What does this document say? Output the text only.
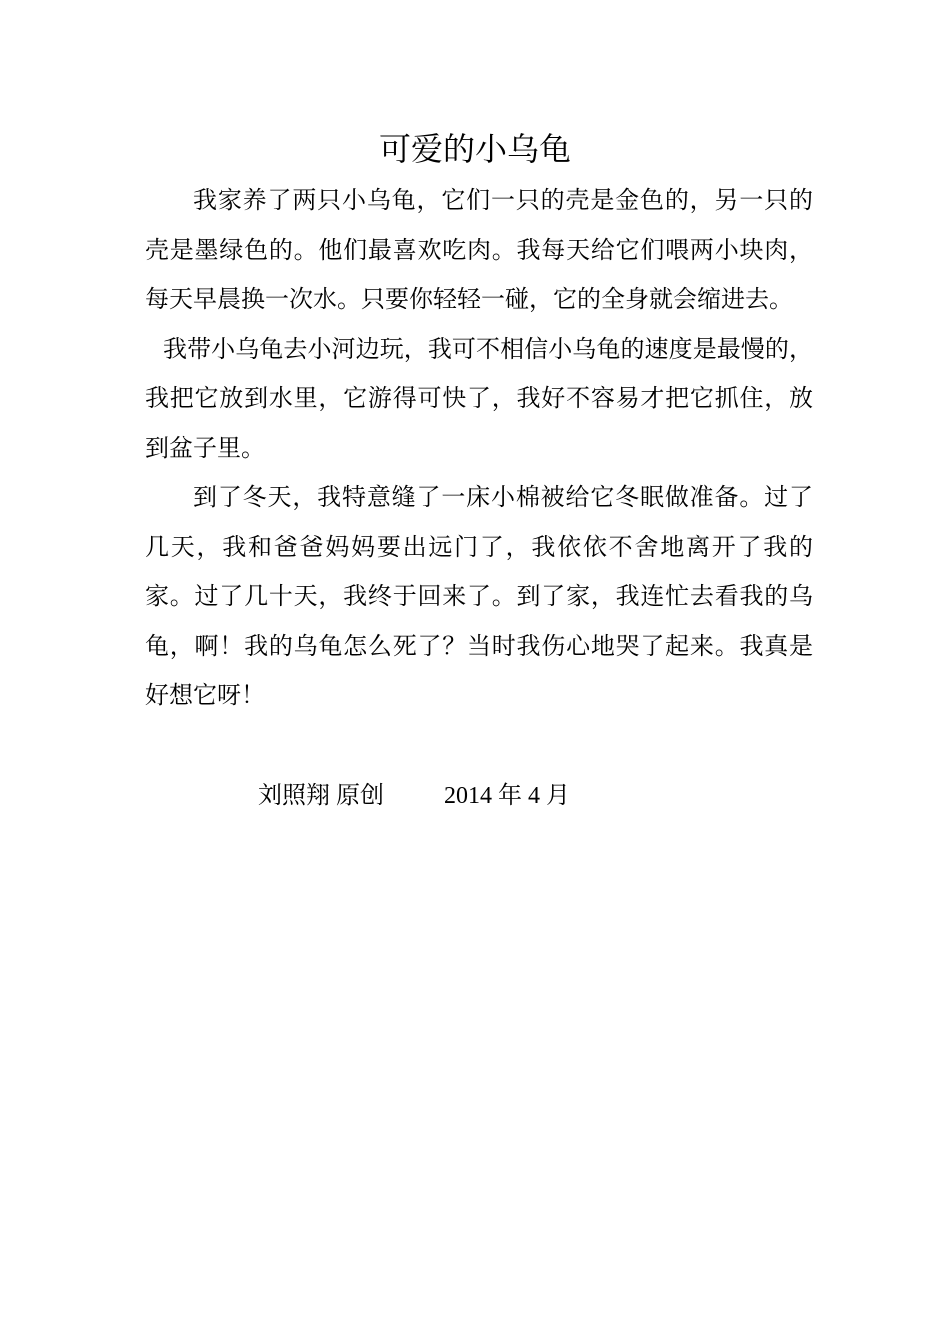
可爱的小乌龟

我家养了两只小乌龟，它们一只的壳是金色的，另一只的壳是墨绿色的。他们最喜欢吃肉。我每天给它们喂两小块肉，每天早晨换一次水。只要你轻轻一碰，它的全身就会缩进去。

我带小乌龟去小河边玩，我可不相信小乌龟的速度是最慢的，我把它放到水里，它游得可快了，我好不容易才把它抓住，放到盆子里。

到了冬天，我特意缝了一床小棉被给它冬眠做准备。过了几天，我和爸爸妈妈要出远门了，我依依不舍地离开了我的家。过了几十天，我终于回来了。到了家，我连忙去看我的乌龟，啊！我的乌龟怎么死了？当时我伤心地哭了起来。我真是好想它呀！

刘照翔 原创	2014 年 4 月
